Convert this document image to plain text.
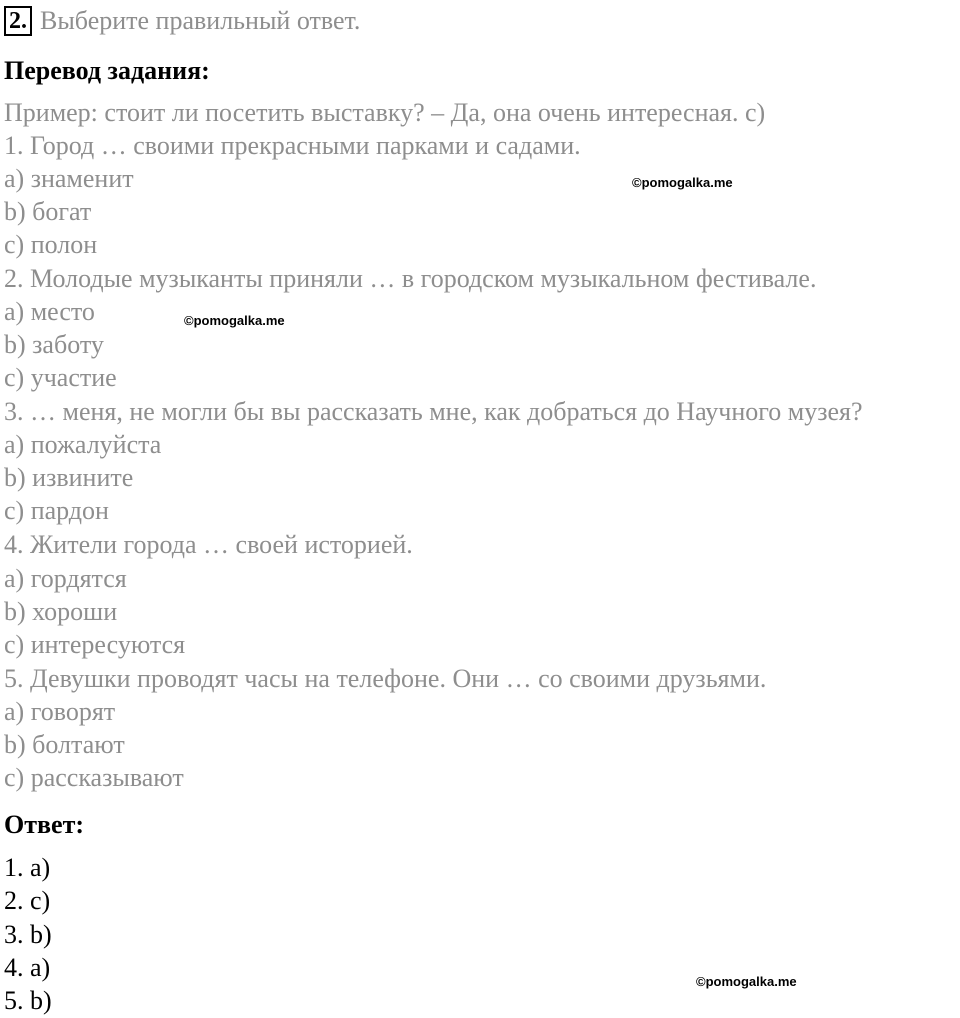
2. Выберите правильный ответ.
Перевод задания:
Пример: стоит ли посетить выставку? – Да, она очень интересная. с)
1. Город … своими прекрасными парками и садами.
a) знаменит
b) богат
c) полон
2. Молодые музыканты приняли … в городском музыкальном фестивале.
a) место
b) заботу
c) участие
3. … меня, не могли бы вы рассказать мне, как добраться до Научного музея?
a) пожалуйста
b) извините
c) пардон
4. Жители города … своей историей.
a) гордятся
b) хороши
c) интересуются
5. Девушки проводят часы на телефоне. Они … со своими друзьями.
a) говорят
b) болтают
c) рассказывают
Ответ:
1. a)
2. c)
3. b)
4. a)
5. b)
©pomogalka.me
©pomogalka.me
©pomogalka.me
